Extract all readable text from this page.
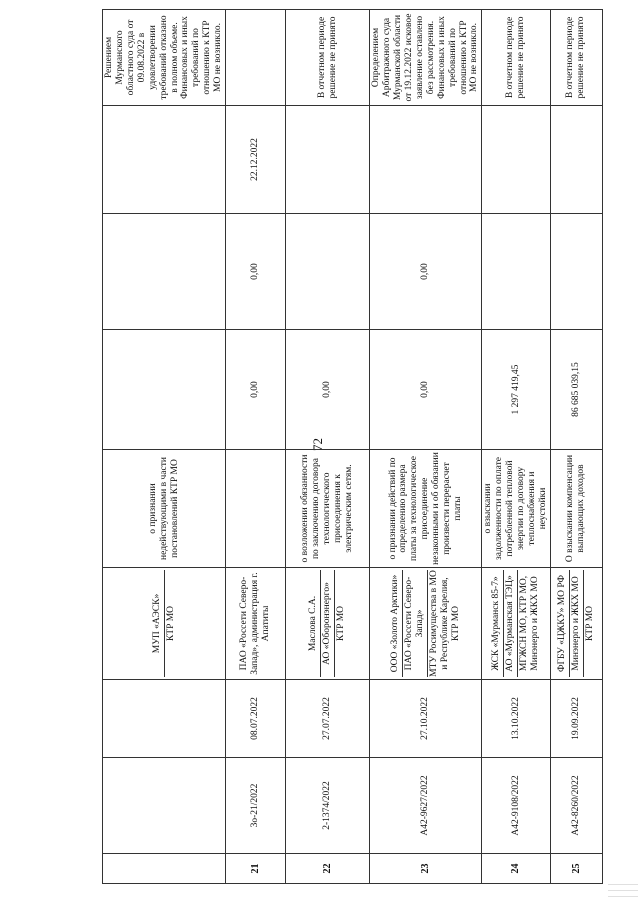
72

			МУП «АЭСК» КТР МО	о признании недействующими в части постановлений КТР МО				Решением Мурманского областного суда от 09.08.2022 в удовлетворении требований отказано в полном объеме. Финансовых и иных требований по отношению к КТР МО не возникло.
21	3о-21/2022	08.07.2022	ПАО «Россети Северо-Запад», администрация г. Апатиты		0,00	0,00	22.12.2022	
22	2-1374/2022	27.07.2022	Маслова С.А. АО «Оборонэнерго» КТР МО	о возложении обязанности по заключению договора технологического присоединения к электрическим сетям.	0,00			В отчетном периоде решение не принято
23	А42-9627/2022	27.10.2022	ООО «Золото Арктики» ПАО «Россети Северо-Запад» МТУ Росимущества в МО и Республике Карелия, КТР МО	о признании действий по определению размера платы за технологическое присоединение незаконными и об обязании произвести перерасчет платы	0,00	0,00		Определением Арбитражного суда Мурманской области от 19.12.2022 исковое заявление оставлено без рассмотрения. Финансовых и иных требований по отношению к КТР МО не возникло.
24	А42-9108/2022	13.10.2022	ЖСК «Мурманск 85-7» АО «Мурманская ТЭЦ» МГЖСН МО, КТР МО, Минэнерго и ЖКХ МО	о взыскании задолженности по оплате потребленной тепловой энергии по договору теплоснабжения и неустойки	1 297 419,45			В отчетном периоде решение не принято
25	А42-8260/2022	19.09.2022	ФГБУ «ЦЖКУ» МО РФ Минэнерго и ЖКХ МО КТР МО	О взыскании компенсации выпадающих доходов	86 685 039,15			В отчетном периоде решение не принято
